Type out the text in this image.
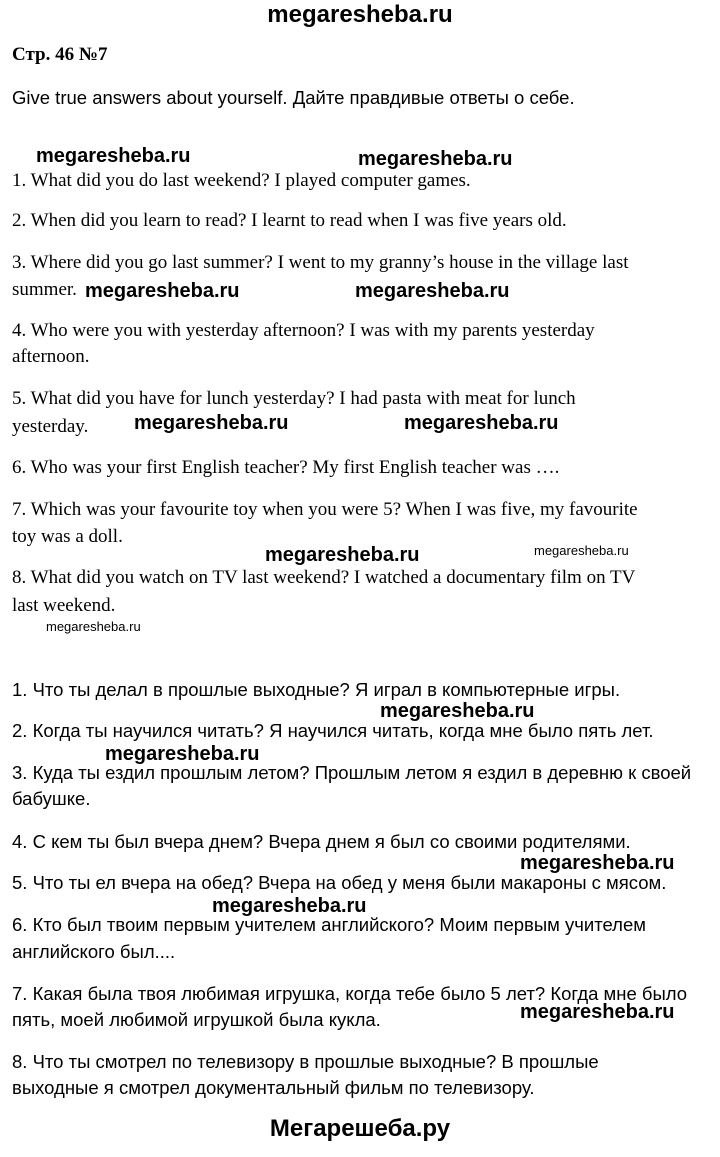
megaresheba.ru
Стр. 46 №7
Give true answers about yourself. Дайте правдивые ответы о себе.
1. What did you do last weekend? I played computer games.
2. When did you learn to read? I learnt to read when I was five years old.
3. Where did you go last summer? I went to my granny’s house in the village last
summer.
4. Who were you with yesterday afternoon? I was with my parents yesterday
afternoon.
5. What did you have for lunch yesterday? I had pasta with meat for lunch
yesterday.
6. Who was your first English teacher? My first English teacher was ….
7. Which was your favourite toy when you were 5? When I was five, my favourite
toy was a doll.
8. What did you watch on TV last weekend? I watched a documentary film on TV
last weekend.
1. Что ты делал в прошлые выходные? Я играл в компьютерные игры.
2. Когда ты научился читать? Я научился читать, когда мне было пять лет.
3. Куда ты ездил прошлым летом? Прошлым летом я ездил в деревню к своей
бабушке.
4. С кем ты был вчера днем? Вчера днем я был со своими родителями.
5. Что ты ел вчера на обед? Вчера на обед у меня были макароны с мясом.
6. Кто был твоим первым учителем английского? Моим первым учителем
английского был....
7. Какая была твоя любимая игрушка, когда тебе было 5 лет? Когда мне было
пять, моей любимой игрушкой была кукла.
8. Что ты смотрел по телевизору в прошлые выходные? В прошлые
выходные я смотрел документальный фильм по телевизору.
megaresheba.ru	megaresheba.ru
megaresheba.ru	megaresheba.ru
megaresheba.ru	megaresheba.ru
megaresheba.ru	megaresheba.ru
megaresheba.ru
megaresheba.ru
megaresheba.ru
megaresheba.ru
megaresheba.ru
megaresheba.ru
Мегарешеба.ру
